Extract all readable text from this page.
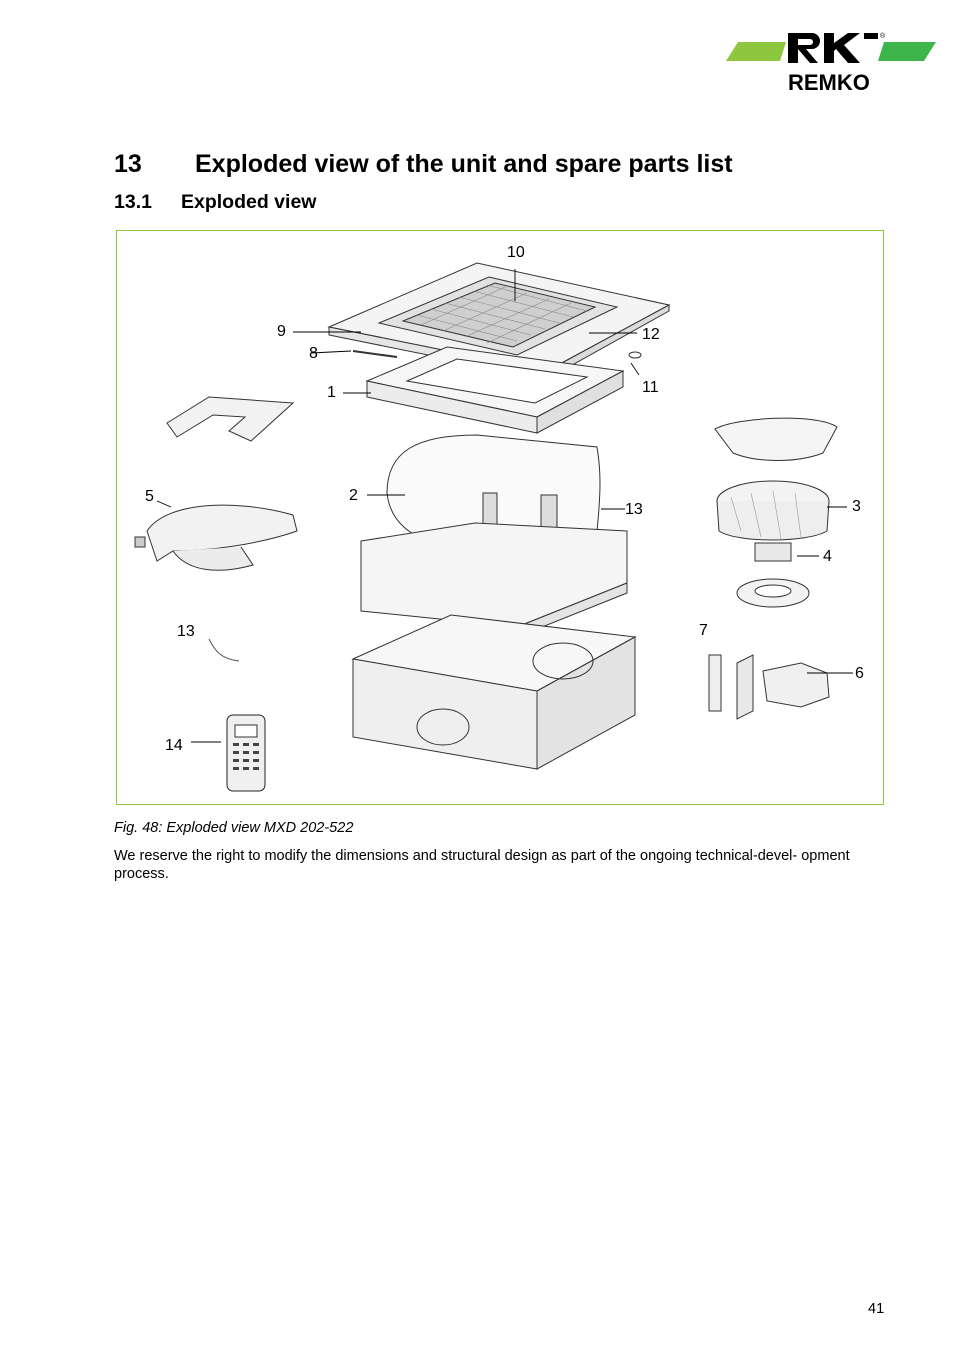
REMKO
®
13 Exploded view of the unit and spare parts list
13.1 Exploded view
10
9	12
8
11
1
5	2
13	3
4
13	7
6
14
Fig. 48: Exploded view MXD 202-522
We reserve the right to modify the dimensions and structural design as part of the ongoing technical-devel- opment process.
41
